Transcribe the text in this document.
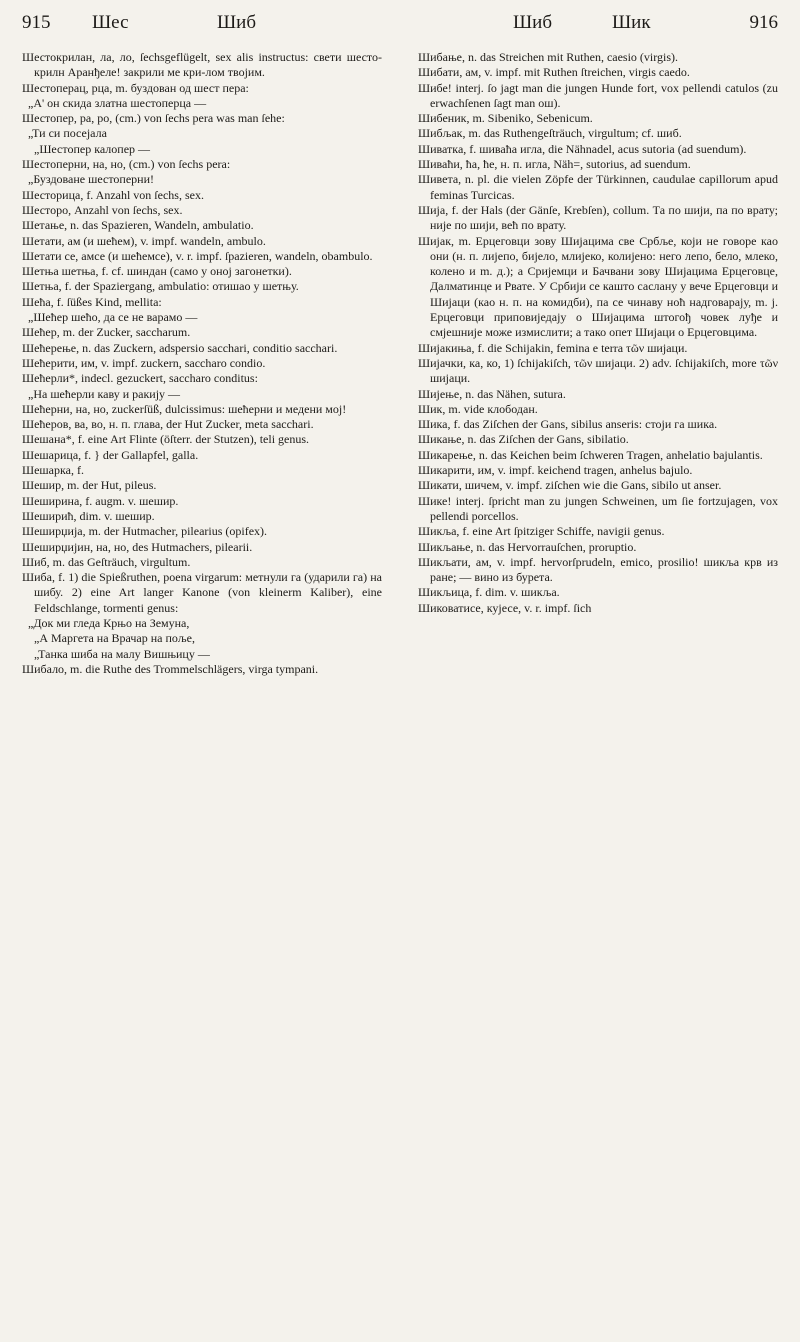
915 Шес	Шиб	Шиб	Шик	916

Шестокрилан, ла, ло, ſechsgeflügelt, sex alis instructus: свети шесто-крилн Аранђеле! закрили ме кри-лом твојим.

Шестоперац, рца, m. буздован од шест пера:

„А' он скида златна шестоперца —

Шестопер, ра, ро, (cm.) von ſechs pera was man ſehe:

„Ти си посејала

„Шестопер калопер —

Шестоперни, на, но, (cm.) von ſechs pera:

„Буздоване шестоперни!

Шесторица, f. Anzahl von ſechs, sex.

Шесторо, Anzahl von ſechs, sex.

Шетање, n. das Spazieren, Wandeln, ambulatio.

Шетати, ам (и шећем), v. impf. wandeln, ambulo.

Шетати се, амсе (и шећемсе), v. r. impf. ſpazieren, wandeln, obambulo.

Шетња шетња, f. cf. шиндан (само у оној загонетки).

Шетња, f. der Spaziergang, ambulatio: отишао у шетњу.

Шећа, f. ſüßes Kind, mellita:

„Шећер шећо, да се не варамо —

Шећер, m. der Zucker, saccharum.

Шећерење, n. das Zuckern, adspersio sacchari, conditio sacchari.

Шећерити, им, v. impf. zuckern, saccharo condio.

Шећерли*, indecl. gezuckert, saccharo conditus:

„На шећерли каву и ракију —

Шећерни, на, но, zuckerſüß, dulcissimus: шећерни и медени мој!

Шећеров, ва, во, н. п. глава, der Hut Zucker, meta sacchari.

Шешана*, f. eine Art Flinte (öſterr. der Stutzen), teli genus.

Шешарица, f. } der Gallapfel, galla.

Шешарка, f.

Шешир, m. der Hut, pileus.

Шеширина, f. augm. v. шешир.

Шеширић, dim. v. шешир.

Шеширџија, m. der Hutmacher, pilearius (opifex).

Шеширџијин, на, но, des Hutmachers, pilearii.

Шиб, m. das Geſträuch, virgultum.

Шиба, f. 1) die Spießruthen, poena virgarum: метнули га (ударили га) на шибу. 2) eine Art langer Kanone (von kleinerm Kaliber), eine Feldschlange, tormenti genus:

„Док ми гледа Крњо на Земуна,

„А Маргета на Врачар на поље,

„Танка шиба на малу Вишњицу —

Шибало, m. die Ruthe des Trommelschlägers, virga tympani.

Шибање, n. das Streichen mit Ruthen, caesio (virgis).

Шибати, ам, v. impf. mit Ruthen ſtreichen, virgis caedo.

Шибе! interj. ſo jagt man die jungen Hunde fort, vox pellendi catulos (zu erwachſenen ſagt man ош).

Шибеник, m. Sibeniko, Sebenicum.

Шибљак, m. das Ruthengeſträuch, virgultum; cf. шиб.

Шиватка, f. шиваћа игла, die Nähnadel, acus sutoria (ad suendum).

Шиваћи, ћа, ће, н. п. игла, Näh=, sutorius, ad suendum.

Шивета, n. pl. die vielen Zöpfe der Türkinnen, caudulae capillorum apud feminas Turcicas.

Шија, f. der Hals (der Gänſe, Krebſen), collum. Та по шији, па по врату; није по шији, већ по врату.

Шијак, m. Ерцеговци зову Шијацима све Србље, који не говоре као они (н. п. лијепо, бијело, млијеко, колијено: него лепо, бело, млеко, колено и m. д.); а Сријемци и Бачвани зову Шијацима Ерцеговце, Далматинце и Рвате. У Србији се каштo саслану у вече Ерцеговци и Шијаци (као н. п. на комидби), па се чинаву ноћ надговарају, m. ј. Ерцеговци приповиједају о Шијацима штогођ човек луђе и смјешније може измислити; а тако опет Шијаци о Ерцеговцима.

Шијакиња, f. die Schijakin, femina e terra τῶν шијаци.

Шијачки, ка, ко, 1) ſchijakiſch, τῶν шијаци. 2) adv. ſchijakiſch, more τῶν шијаци.

Шијење, n. das Nähen, sutura.

Шик, m. vide клободан.

Шика, f. das Ziſchen der Gans, sibilus anseris: стоји га шика.

Шикање, n. das Ziſchen der Gans, sibilatio.

Шикарење, n. das Keichen beim ſchweren Tragen, anhelatio bajulantis.

Шикарити, им, v. impf. keichend tragen, anhelus bajulo.

Шикати, шичем, v. impf. ziſchen wie die Gans, sibilo ut anser.

Шике! interj. ſpricht man zu jungen Schweinen, um ſie fortzujagen, vox pellendi porcellos.

Шикља, f. eine Art ſpitziger Schiffe, navigii genus.

Шикљање, n. das Hervorrauſchen, proruptio.

Шикљати, ам, v. impf. hervorſprudeln, emico, prosilio! шикља крв из ране; — вино из бурета.

Шикљица, f. dim. v. шикља.

Шиковатисе, кујесе, v. r. impf. ſich
